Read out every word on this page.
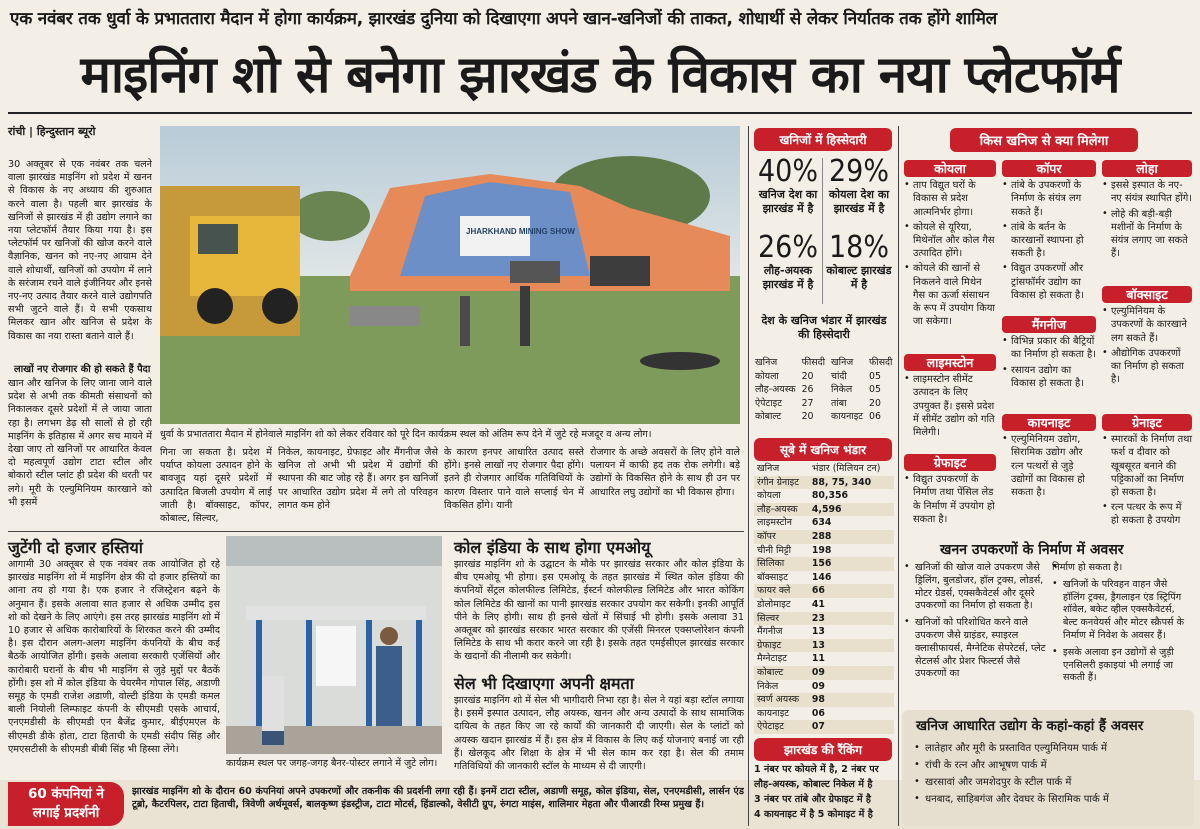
एक नवंबर तक धुर्वा के प्रभाततारा मैदान में होगा कार्यक्रम, झारखंड दुनिया को दिखाएगा अपने खान-खनिजों की ताकत, शोधार्थी से लेकर निर्यातक तक होंगे शामिल
माइनिंग शो से बनेगा झारखंड के विकास का नया प्लेटफॉर्म
रांची | हिन्दुस्तान ब्यूरो

30 अक्तूबर से एक नवंबर तक चलने वाला झारखंड माइनिंग शो प्रदेश में खनन से विकास के नए अध्याय की शुरुआत करने वाला है। पहली बार झारखंड के खनिजों से झारखंड में ही उद्योग लगाने का नया प्लेटफॉर्म तैयार किया गया है। इस प्लेटफॉर्म पर खनिजों की खोज करने वाले वैज्ञानिक, खनन को नए-नए आयाम देने वाले शोधार्थी, खनिजों को उपयोग में लाने के सरंजाम रचने वाले इंजीनियर और इनसे नए-नए उत्पाद तैयार करने वाले उद्योगपति सभी जुटने वाले हैं। ये सभी एकसाथ मिलकर खान और खनिज से प्रदेश के विकास का नया रास्ता बताने वाले हैं।

लाखों नए रोजगार की हो सकते हैं पैदा
खान और खनिज के लिए जाना जाने वाले प्रदेश से अभी तक कीमती संसाधनों को निकालकर दूसरे प्रदेशों में ले जाया जाता रहा है। लगभग डेढ़ सौ सालों से हो रही माइनिंग के इतिहास में अगर सच मायने में देखा जाए तो खनिजों पर आधारित केवल दो महत्वपूर्ण उद्योग टाटा स्टील और बोकारो स्टील प्लांट ही प्रदेश की धरती पर लगे। मूरी के एल्युमिनियम कारखाने को भी इसमें
JHARKHAND MINING SHOW
धुर्वा के प्रभाततारा मैदान में होनेवाले माइनिंग शो को लेकर रविवार को पूरे दिन कार्यक्रम स्थल को अंतिम रूप देने में जुटे रहे मजदूर व अन्य लोग।
गिना जा सकता है। प्रदेश में पर्याप्त कोयला उत्पादन होने के बावजूद यहां दूसरे प्रदेशों में उत्पादित बिजली उपयोग में लाई जाती है। बॉक्साइट, कॉपर, कोबाल्ट, सिल्वर,
निकेल, कायनाइट, ग्रेफाइट और मैंगनीज जैसे खनिज तो अभी भी प्रदेश में उद्योगों की स्थापना की बाट जोह रहे हैं। अगर इन खनिजों पर आधारित उद्योग प्रदेश में लगे तो परिवहन लागत कम होने
के कारण इनपर आधारित उत्पाद सस्ते होंगे। इनसे लाखों नए रोजगार पैदा होंगे। इतने ही रोजगार आर्थिक गतिविधियों के कारण विस्तार पाने वाले सप्लाई चेन में विकसित होंगे। यानी
रोजगार के अच्छे अवसरों के लिए होने वाले पलायन में काफी हद तक रोक लगेगी। बड़े उद्योगों के विकसित होने के साथ ही उन पर आधारित लघु उद्योगों का भी विकास होगा।
जुटेंगी दो हजार हस्तियां
आगामी 30 अक्तूबर से एक नवंबर तक आयोजित हो रहे झारखंड माइनिंग शो में माइनिंग क्षेत्र की दो हजार हस्तियों का आना तय हो गया है। एक हजार ने रजिस्ट्रेशन बढ़ने के अनुमान हैं। इसके अलावा सात हजार से अधिक उम्मीद इस शो को देखने के लिए आएंगे। इस तरह झारखंड माइनिंग शो में 10 हजार से अधिक कारोबारियों के शिरकत करने की उम्मीद है। इस दौरान अलग-अलग माइनिंग कंपनियों के बीच कई बैठकें आयोजित होंगी। इसके अलावा सरकारी एजेंसियों और कारोबारी घरानों के बीच भी माइनिंग से जुड़े मुद्दों पर बैठकें होंगी। इस शो में कोल इंडिया के चेयरमैन गोपाल सिंह, अडाणी समूह के एमडी राजेश अडाणी, वोल्टी इंडिया के एमडी कमल बाली नियोली लिम्फाइट कंपनी के सीएमडी एसके आचार्य, एनएमडीसी के सीएमडी एन बैजेंद्र कुमार, बीईएमएल के सीएमडी डीके होता, टाटा हिताची के एमडी संदीप सिंह और एमएसटीसी के सीएमडी बीबी सिंह भी हिस्सा लेंगे।
कार्यक्रम स्थल पर जगह-जगह बैनर-पोस्टर लगाने में जुटे लोग।
कोल इंडिया के साथ होगा एमओयू
झारखंड माइनिंग शो के उद्घाटन के मौके पर झारखंड सरकार और कोल इंडिया के बीच एमओयू भी होगा। इस एमओयू के तहत झारखंड में स्थित कोल इंडिया की कंपनियों सेंट्रल कोलफील्ड लिमिटेड, ईस्टर्न कोलफील्ड लिमिटेड और भारत कोकिंग कोल लिमिटेड की खानों का पानी झारखंड सरकार उपयोग कर सकेगी। इनकी आपूर्ति पीने के लिए होगी। साथ ही इनसे खेतों में सिंचाई भी होगी। इसके अलावा 31 अक्तूबर को झारखंड सरकार भारत सरकार की एजेंसी मिनरल एक्सप्लोरेशन कंपनी लिमिटेड के साथ भी करार करने जा रही है। इसके तहत एमईसीएल झारखंड सरकार के खदानों की नीलामी कर सकेगी।
सेल भी दिखाएगा अपनी क्षमता
झारखंड माइनिंग शो में सेल भी भागीदारी निभा रहा है। सेल ने यहां बड़ा स्टॉल लगाया है। इसमें इस्पात उत्पादन, लौह अयस्क, खनन और अन्य उत्पादों के साथ सामाजिक दायित्व के तहत किए जा रहे कार्यों की जानकारी दी जाएगी। सेल के प्लांटों को अयस्क खदान झारखंड में हैं। इस क्षेत्र में विकास के लिए कई योजनाएं बनाई जा रही हैं। खेलकूद और शिक्षा के क्षेत्र में भी सेल काम कर रहा है। सेल की तमाम गतिविधियों की जानकारी स्टॉल के माध्यम से दी जाएगी।
60 कंपनियां ने
लगाई प्रदर्शनी
झारखंड माइनिंग शो के दौरान 60 कंपनियां अपने उपकरणों और तकनीक की प्रदर्शनी लगा रही हैं। इनमें टाटा स्टील, अडाणी समूह, कोल इंडिया, सेल, एनएमडीसी, लार्सन एंड टूब्रो, कैटरपिलर, टाटा हिताची, त्रिवेणी अर्थमूवर्स, बालकृष्ण इंडस्ट्रीज, टाटा मोटर्स, हिंडाल्को, वेसीटी ग्रुप, रुंगटा माइंस, शालिमार मेहता और पीआरडी रिम्स प्रमुख हैं।
खनिजों में हिस्सेदारी
40%
खनिज देश का झारखंड में है
29%
कोयला देश का झारखंड में है
26%
लौह-अयस्क झारखंड में है
18%
कोबाल्ट झारखंड में है
देश के खनिज भंडार में झारखंड की हिस्सेदारी
खनिज	फीसदी	खनिज	फीसदी
कोयला	20	चांदी	05
लौह-अयस्क	26	निकेल	05
ऐपेटाइट	27	तांबा	20
कोबाल्ट	20	कायनाइट	06
सूबे में खनिज भंडार
खनिज	भंडार (मिलियन टन)
रंगीन ग्रेनाइट	88, 75, 340
कोयला	80,356
लौह-अयस्क	4,596
लाइमस्टोन	634
कॉपर	288
चीनी मिट्टी	198
सिलिका	156
बॉक्साइट	146
फायर क्ले	66
डोलोमाइट	41
सिल्वर	23
मैंगनीज	13
ग्रेफाइट	13
मैग्नेटाइट	11
कोबाल्ट	09
निकेल	09
स्वर्ण अयस्क	98
कायनाइट	06
ऐपेटाइट	07
झारखंड की रैंकिंग
1 नंबर पर कोयले में है, 2 नंबर पर लौह-अयस्क, कोबाल्ट निकेल में है
3 नंबर पर तांबे और ग्रेफाइट में है
4 कायनाइट में है 5 कोमाइट में है
किस खनिज से क्या मिलेगा
कोयला
• ताप विद्युत घरों के विकास से प्रदेश आत्मनिर्भर होगा।
• कोयले से यूरिया, मिथेनॉल और कोल गैस उत्पादित होंगे।
• कोयले की खानों से निकलने वाले मिथेन गैस का ऊर्जा संसाधन के रूप में उपयोग किया जा सकेगा।
कॉपर
• तांबे के उपकरणों के निर्माण के संयंत्र लग सकते हैं।
• तांबे के बर्तन के कारखानों स्थापना हो सकती है।
• विद्युत उपकरणों और ट्रांसफॉर्मर उद्योग का विकास हो सकता है।
लोहा
• इससे इस्पात के नए-नए संयंत्र स्थापित होंगे।
• लोहे की बड़ी-बड़ी मशीनों के निर्माण के संयंत्र लगाए जा सकते हैं।
बॉक्साइट
• एल्युमिनियम के उपकरणों के कारखाने लग सकते हैं।
• औद्योगिक उपकरणों का निर्माण हो सकता है।
मैंगनीज
• विभिन्न प्रकार की बैट्रियों का निर्माण हो सकता है।
• रसायन उद्योग का विकास हो सकता है।
लाइमस्टोन
• लाइमस्टोन सीमेंट उत्पादन के लिए उपयुक्त हैं। इससे प्रदेश में सीमेंट उद्योग को गति मिलेगी।
कायनाइट
• एल्युमिनियम उद्योग, सिरामिक उद्योग और रत्न पत्थरों से जुड़े उद्योगों का विकास हो सकता है।
ग्रेनाइट
• स्मारकों के निर्माण तथा फर्श व दीवार को खूबसूरत बनाने की पट्टिकाओं का निर्माण हो सकता है।
• रत्न पत्थर के रूप में हो सकता है उपयोग
ग्रेफाइट
• विद्युत उपकरणों के निर्माण तथा पेंसिल लेड के निर्माण में उपयोग हो सकता है।
खनन उपकरणों के निर्माण में अवसर
• खनिजों की खोज वाले उपकरण जैसे ड्रिलिंग, बुलडोजर, हॉल ट्रक्स, लोडर्स, मोटर ग्रेडर्स, एक्सकैवेटर्स और दूसरे उपकरणों का निर्माण हो सकता है।
• खनिजों को परिशोधित करने वाले उपकरण जैसे ग्राइंडर, स्पाइरल क्लासीफायर्स, मैग्नेटिक सेपरेटर्स, प्लेट सेटलर्स और प्रेशर फिल्टर्स जैसे उपकरणों का
• निर्माण हो सकता है।
• खनिजों के परिवहन वाहन जैसे हॉलिंग ट्रक्स, ड्रैगलाइन एंड स्ट्रिपिंग शॉवेल, बकेट व्हील एक्सकैवेटर्स, बेल्ट कनवेयर्स और मोटर स्क्रैपर्स के निर्माण में निवेश के अवसर हैं।
• इसके अलावा इन उद्योगों से जुड़ी एनसिलरी इकाइयां भी लगाई जा सकती हैं।
खनिज आधारित उद्योग के कहां-कहां हैं अवसर
• लातेहार और मूरी के प्रस्तावित एल्युमिनियम पार्क में
• रांची के रत्न और आभूषण पार्क में
• खरसावां और जमशेदपुर के स्टील पार्क में
• धनबाद, साहिबगंज और देवघर के सिरामिक पार्क में
